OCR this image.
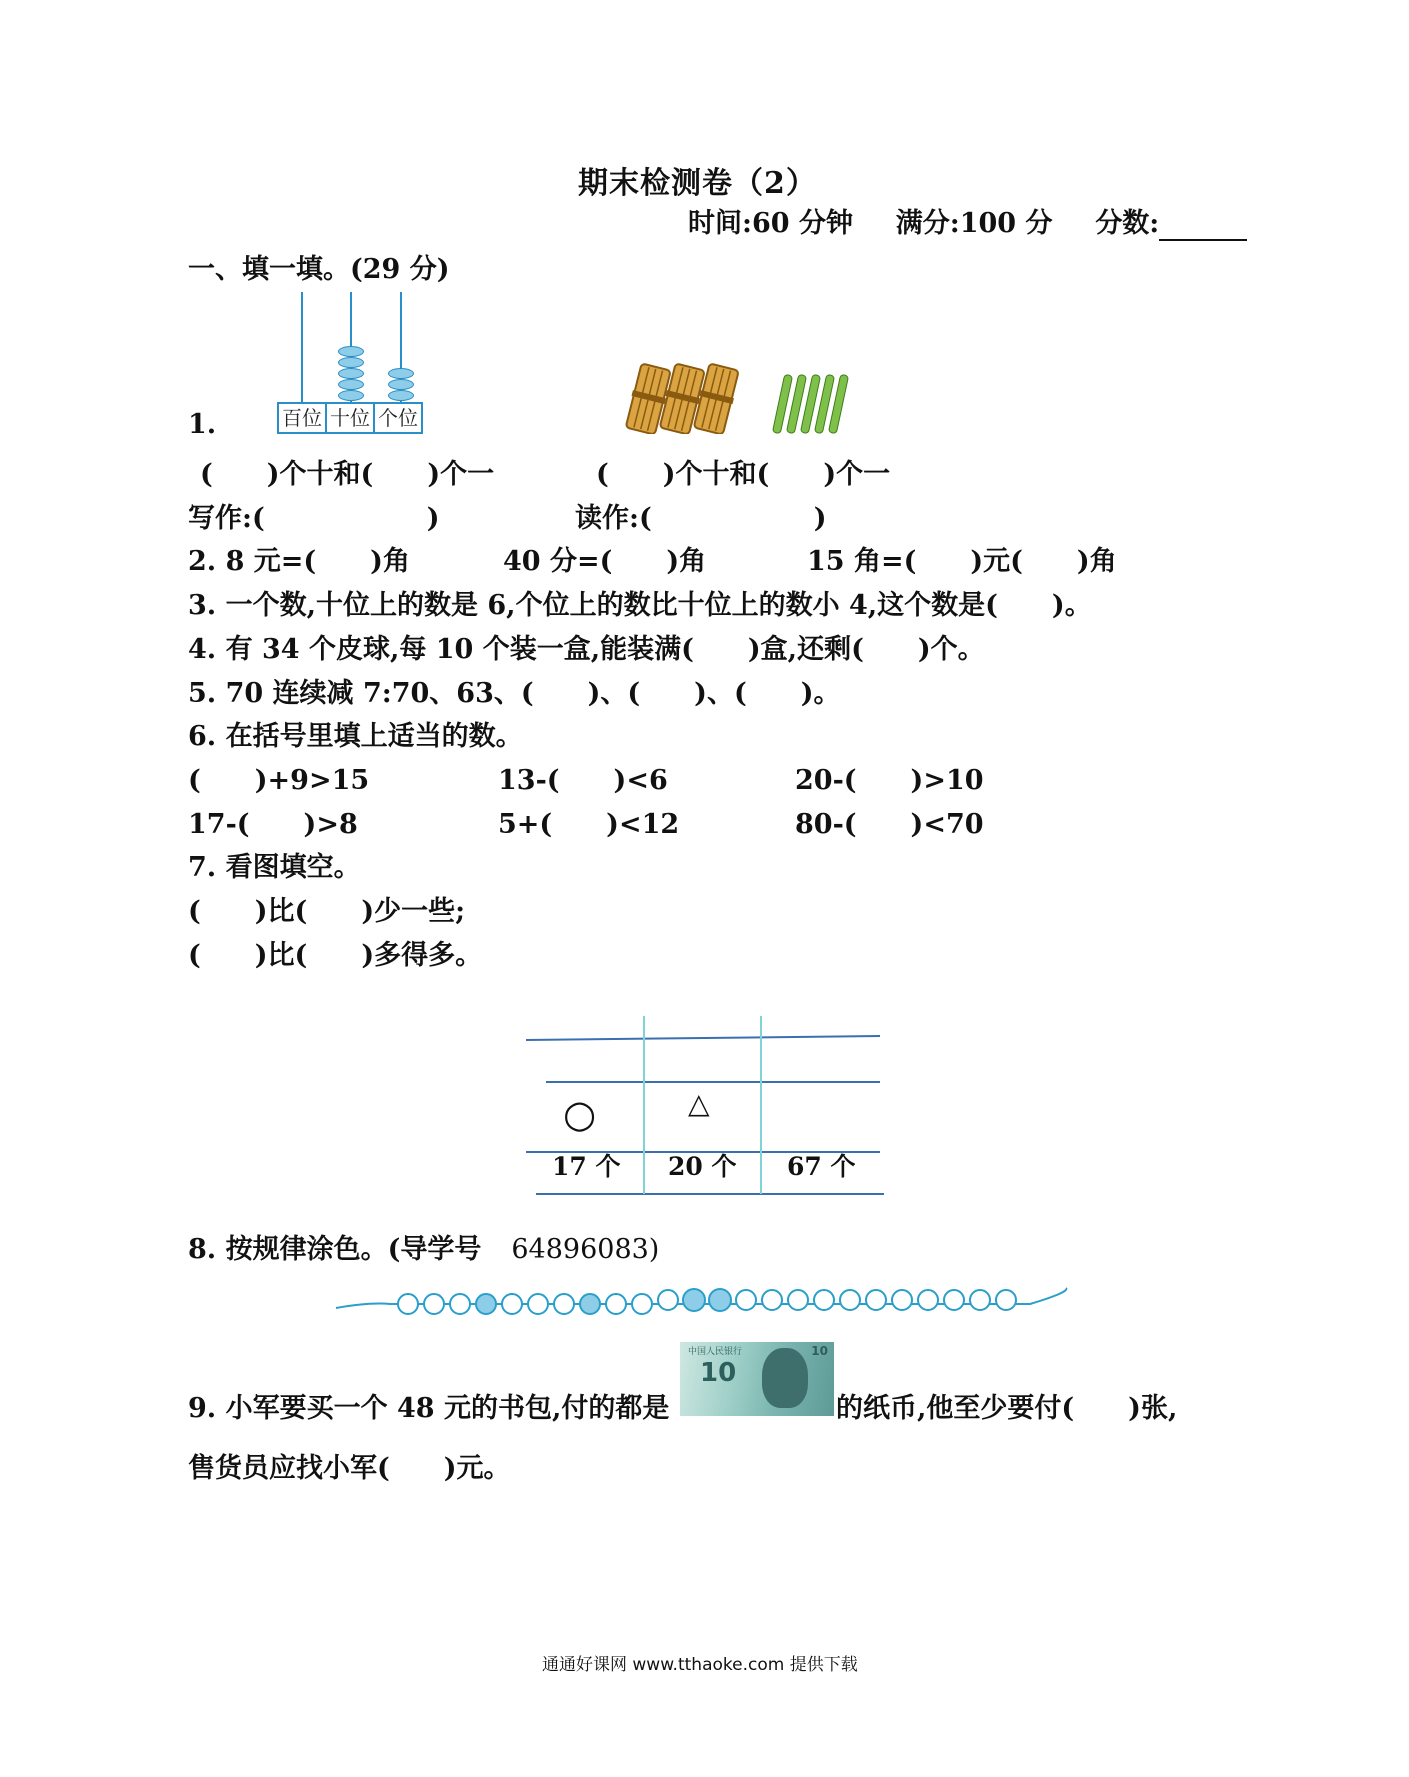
期末检测卷（2）
时间:60 分钟 满分:100 分 分数:
一、填一填。(29 分)
百位 十位 个位
1.
(　　)个十和(　　)个一	(　　)个十和(　　)个一
写作:(　　　　　　)	读作:(　　　　　　)
2. 8 元=(　　)角	40 分=(　　)角	15 角=(　　)元(　　)角
3. 一个数,十位上的数是 6,个位上的数比十位上的数小 4,这个数是(　　)。
4. 有 34 个皮球,每 10 个装一盒,能装满(　　)盒,还剩(　　)个。
5. 70 连续减 7:70、63、(　　)、(　　)、(　　)。
6. 在括号里填上适当的数。
(　　)+9>15	13-(　　)<6	20-(　　)>10
17-(　　)>8	5+(　　)<12	80-(　　)<70
7. 看图填空。
(　　)比(　　)少一些;
(　　)比(　　)多得多。
○	△
17 个 20 个 67 个
8. 按规律涂色。(导学号 64896083)
中国人民银行
10
10
9. 小军要买一个 48 元的书包,付的都是	的纸币,他至少要付(　　)张,
售货员应找小军(　　)元。
通通好课网 www.tthaoke.com 提供下载
